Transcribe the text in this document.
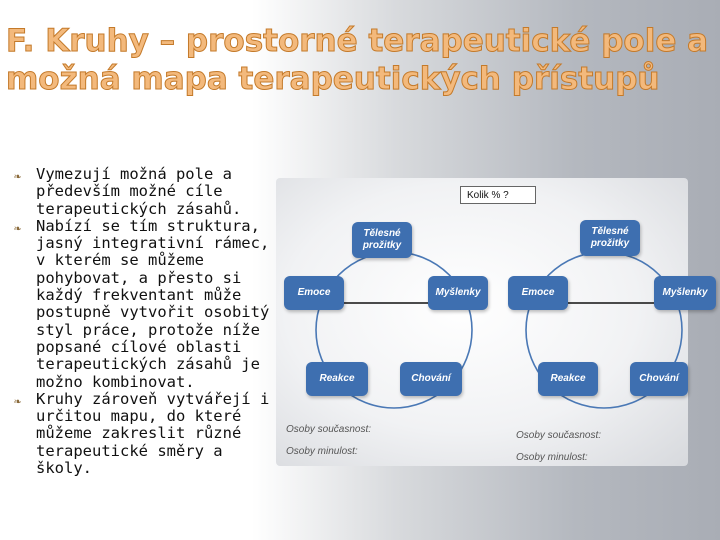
F. Kruhy – prostorné terapeutické pole a možná mapa terapeutických přístupů
❧ Vymezují možná pole a především možné cíle terapeutických zásahů.
❧ Nabízí se tím struktura, jasný integrativní rámec, v kterém se můžeme pohybovat, a přesto si každý frekventant může postupně vytvořit osobitý styl práce, protože níže popsané cílové oblasti terapeutických zásahů je možno kombinovat.
❧ Kruhy zároveň vytvářejí i určitou mapu, do které můžeme zakreslit různé terapeutické směry a školy.
Kolik % ?
Tělesné prožitky
Emoce	Myšlenky
Reakce	Chování
Tělesné prožitky
Emoce	Myšlenky
Reakce	Chování
Osoby současnost:
Osoby minulost:
Osoby současnost:
Osoby minulost:
